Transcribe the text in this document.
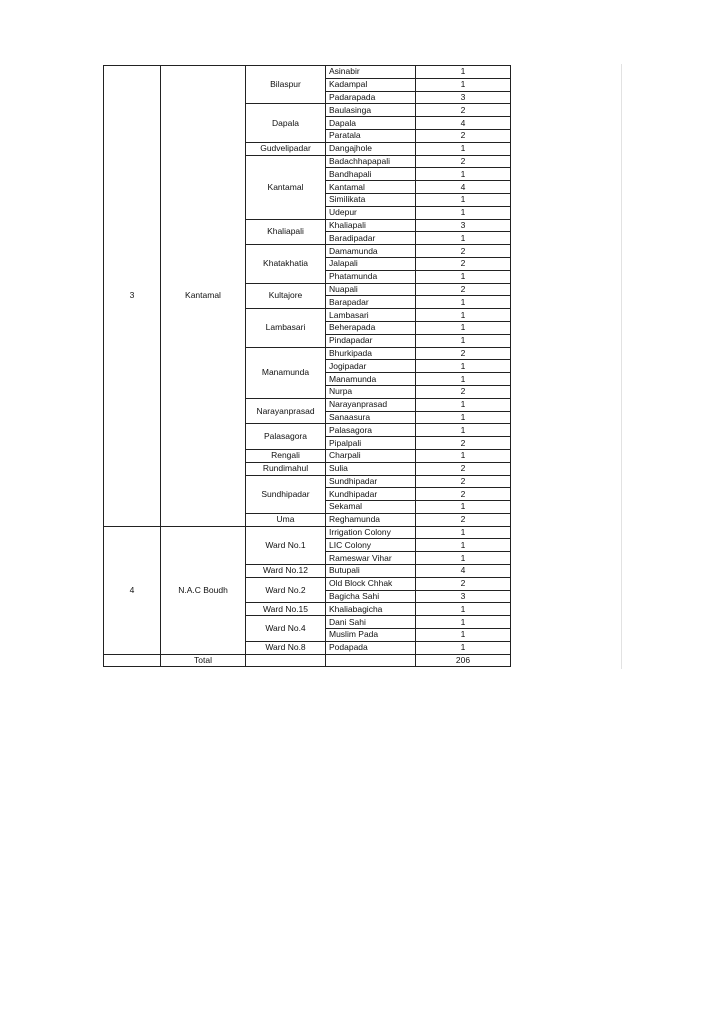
3	Kantamal	Bilaspur	Asinabir	1
			Kadampal	1
			Padarapada	3
		Dapala	Baulasinga	2
			Dapala	4
			Paratala	2
		Gudvelipadar	Dangajhole	1
		Kantamal	Badachhapapali	2
			Bandhapali	1
			Kantamal	4
			Similikata	1
			Udepur	1
		Khaliapali	Khaliapali	3
			Baradipadar	1
		Khatakhatia	Damamunda	2
			Jalapali	2
			Phatamunda	1
		Kultajore	Nuapali	2
			Barapadar	1
		Lambasari	Lambasari	1
			Beherapada	1
			Pindapadar	1
		Manamunda	Bhurkipada	2
			Jogipadar	1
			Manamunda	1
			Nurpa	2
		Narayanprasad	Narayanprasad	1
			Sanaasura	1
		Palasagora	Palasagora	1
			Pipalpali	2
		Rengali	Charpali	1
		Rundimahul	Sulia	2
		Sundhipadar	Sundhipadar	2
			Kundhipadar	2
			Sekamal	1
		Uma	Reghamunda	2
4	N.A.C Boudh	Ward No.1	Irrigation Colony	1
			LIC Colony	1
			Rameswar Vihar	1
		Ward No.12	Butupali	4
		Ward No.2	Old Block Chhak	2
			Bagicha Sahi	3
		Ward No.15	Khaliabagicha	1
		Ward No.4	Dani Sahi	1
			Muslim Pada	1
		Ward No.8	Podapada	1
	Total			206
